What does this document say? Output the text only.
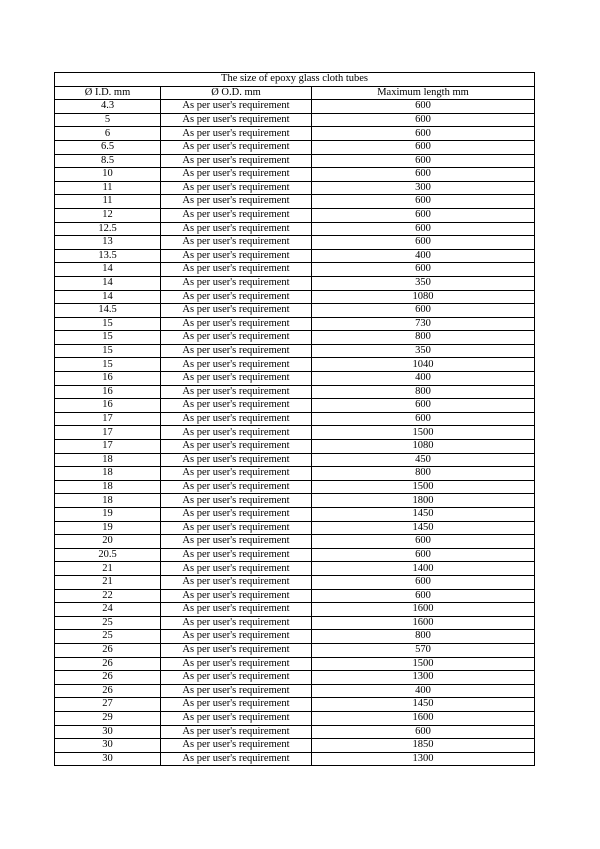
The size of epoxy glass cloth tubes		
Ø I.D. mm	Ø O.D. mm	Maximum length mm
4.3	As per user's requirement	600
5	As per user's requirement	600
6	As per user's requirement	600
6.5	As per user's requirement	600
8.5	As per user's requirement	600
10	As per user's requirement	600
11	As per user's requirement	300
11	As per user's requirement	600
12	As per user's requirement	600
12.5	As per user's requirement	600
13	As per user's requirement	600
13.5	As per user's requirement	400
14	As per user's requirement	600
14	As per user's requirement	350
14	As per user's requirement	1080
14.5	As per user's requirement	600
15	As per user's requirement	730
15	As per user's requirement	800
15	As per user's requirement	350
15	As per user's requirement	1040
16	As per user's requirement	400
16	As per user's requirement	800
16	As per user's requirement	600
17	As per user's requirement	600
17	As per user's requirement	1500
17	As per user's requirement	1080
18	As per user's requirement	450
18	As per user's requirement	800
18	As per user's requirement	1500
18	As per user's requirement	1800
19	As per user's requirement	1450
19	As per user's requirement	1450
20	As per user's requirement	600
20.5	As per user's requirement	600
21	As per user's requirement	1400
21	As per user's requirement	600
22	As per user's requirement	600
24	As per user's requirement	1600
25	As per user's requirement	1600
25	As per user's requirement	800
26	As per user's requirement	570
26	As per user's requirement	1500
26	As per user's requirement	1300
26	As per user's requirement	400
27	As per user's requirement	1450
29	As per user's requirement	1600
30	As per user's requirement	600
30	As per user's requirement	1850
30	As per user's requirement	1300
